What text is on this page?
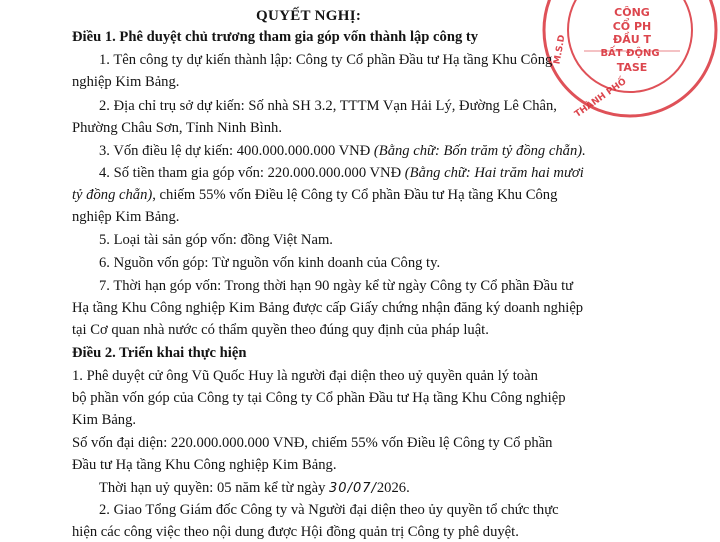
CÔNG
CỔ PH
ĐẦU T
BẤT ĐỘNG
TASE
M.S.D
THÀNH PHỐ
QUYẾT NGHỊ:
Điều 1. Phê duyệt chủ trương tham gia góp vốn thành lập công ty
1. Tên công ty dự kiến thành lập: Công ty Cổ phần Đầu tư Hạ tầng Khu Công
nghiệp Kim Bảng.
2. Địa chỉ trụ sở dự kiến: Số nhà SH 3.2, TTTM Vạn Hải Lý, Đường Lê Chân,
Phường Châu Sơn, Tỉnh Ninh Bình.
3. Vốn điều lệ dự kiến: 400.000.000.000 VNĐ (Bằng chữ: Bốn trăm tỷ đồng chẵn).
4. Số tiền tham gia góp vốn: 220.000.000.000 VNĐ (Bằng chữ: Hai trăm hai mươi
tỷ đồng chẵn), chiếm 55% vốn Điều lệ Công ty Cổ phần Đầu tư Hạ tầng Khu Công
nghiệp Kim Bảng.
5. Loại tài sản góp vốn: đồng Việt Nam.
6. Nguồn vốn góp: Từ nguồn vốn kinh doanh của Công ty.
7. Thời hạn góp vốn: Trong thời hạn 90 ngày kể từ ngày Công ty Cổ phần Đầu tư
Hạ tầng Khu Công nghiệp Kim Bảng được cấp Giấy chứng nhận đăng ký doanh nghiệp
tại Cơ quan nhà nước có thẩm quyền theo đúng quy định của pháp luật.
Điều 2. Triển khai thực hiện
1. Phê duyệt cử ông Vũ Quốc Huy là người đại diện theo uỷ quyền quản lý toàn
bộ phần vốn góp của Công ty tại Công ty Cổ phần Đầu tư Hạ tầng Khu Công nghiệp
Kim Bảng.
Số vốn đại diện: 220.000.000.000 VNĐ, chiếm 55% vốn Điều lệ Công ty Cổ phần
Đầu tư Hạ tầng Khu Công nghiệp Kim Bảng.
Thời hạn uỷ quyền: 05 năm kể từ ngày 30/07/2026.
2. Giao Tổng Giám đốc Công ty và Người đại diện theo ủy quyền tổ chức thực
hiện các công việc theo nội dung được Hội đồng quản trị Công ty phê duyệt.
